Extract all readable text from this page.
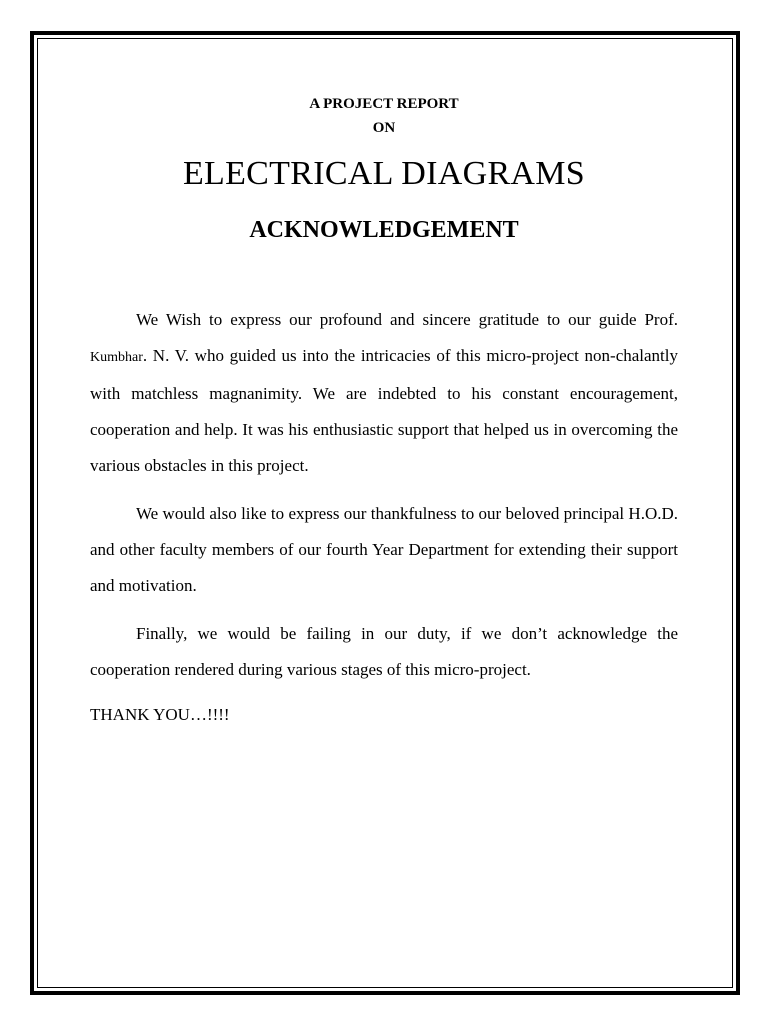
A PROJECT REPORT

ON

ELECTRICAL DIAGRAMS
ACKNOWLEDGEMENT

We Wish to express our profound and sincere gratitude to our guide Prof. Kumbhar. N. V. who guided us into the intricacies of this micro-project non-chalantly with matchless magnanimity. We are indebted to his constant encouragement, cooperation and help. It was his enthusiastic support that helped us in overcoming the various obstacles in this project.

We would also like to express our thankfulness to our beloved principal H.O.D. and other faculty members of our fourth Year Department for extending their support and motivation.

Finally, we would be failing in our duty, if we don’t acknowledge the cooperation rendered during various stages of this micro-project.

THANK YOU…!!!!
